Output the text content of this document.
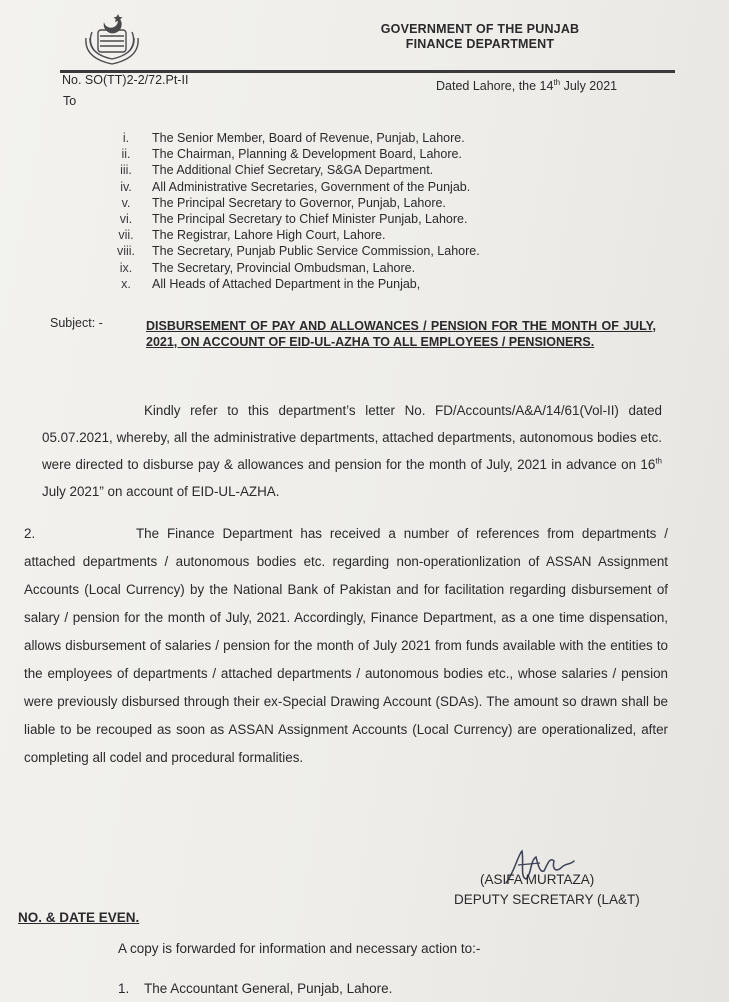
GOVERNMENT OF THE PUNJAB
FINANCE DEPARTMENT
No. SO(TT)2-2/72.Pt-II	Dated Lahore, the 14th July 2021
To
i.	The Senior Member, Board of Revenue, Punjab, Lahore.
ii.	The Chairman, Planning & Development Board, Lahore.
iii.	The Additional Chief Secretary, S&GA Department.
iv.	All Administrative Secretaries, Government of the Punjab.
v.	The Principal Secretary to Governor, Punjab, Lahore.
vi.	The Principal Secretary to Chief Minister Punjab, Lahore.
vii.	The Registrar, Lahore High Court, Lahore.
viii.	The Secretary, Punjab Public Service Commission, Lahore.
ix.	The Secretary, Provincial Ombudsman, Lahore.
x.	All Heads of Attached Department in the Punjab,
Subject: -	DISBURSEMENT OF PAY AND ALLOWANCES / PENSION FOR THE MONTH OF JULY, 2021, ON ACCOUNT OF EID-UL-AZHA TO ALL EMPLOYEES / PENSIONERS.
Kindly refer to this department’s letter No. FD/Accounts/A&A/14/61(Vol-II) dated 05.07.2021, whereby, all the administrative departments, attached departments, autonomous bodies etc. were directed to disburse pay & allowances and pension for the month of July, 2021 in advance on 16th July 2021” on account of EID-UL-AZHA.
2.	The Finance Department has received a number of references from departments / attached departments / autonomous bodies etc. regarding non-operationlization of ASSAN Assignment Accounts (Local Currency) by the National Bank of Pakistan and for facilitation regarding disbursement of salary / pension for the month of July, 2021. Accordingly, Finance Department, as a one time dispensation, allows disbursement of salaries / pension for the month of July 2021 from funds available with the entities to the employees of departments / attached departments / autonomous bodies etc., whose salaries / pension were previously disbursed through their ex-Special Drawing Account (SDAs). The amount so drawn shall be liable to be recouped as soon as ASSAN Assignment Accounts (Local Currency) are operationalized, after completing all codel and procedural formalities.
(ASIFA MURTAZA)
DEPUTY SECRETARY (LA&T)
NO. & DATE EVEN.
A copy is forwarded for information and necessary action to:-
1. The Accountant General, Punjab, Lahore.
